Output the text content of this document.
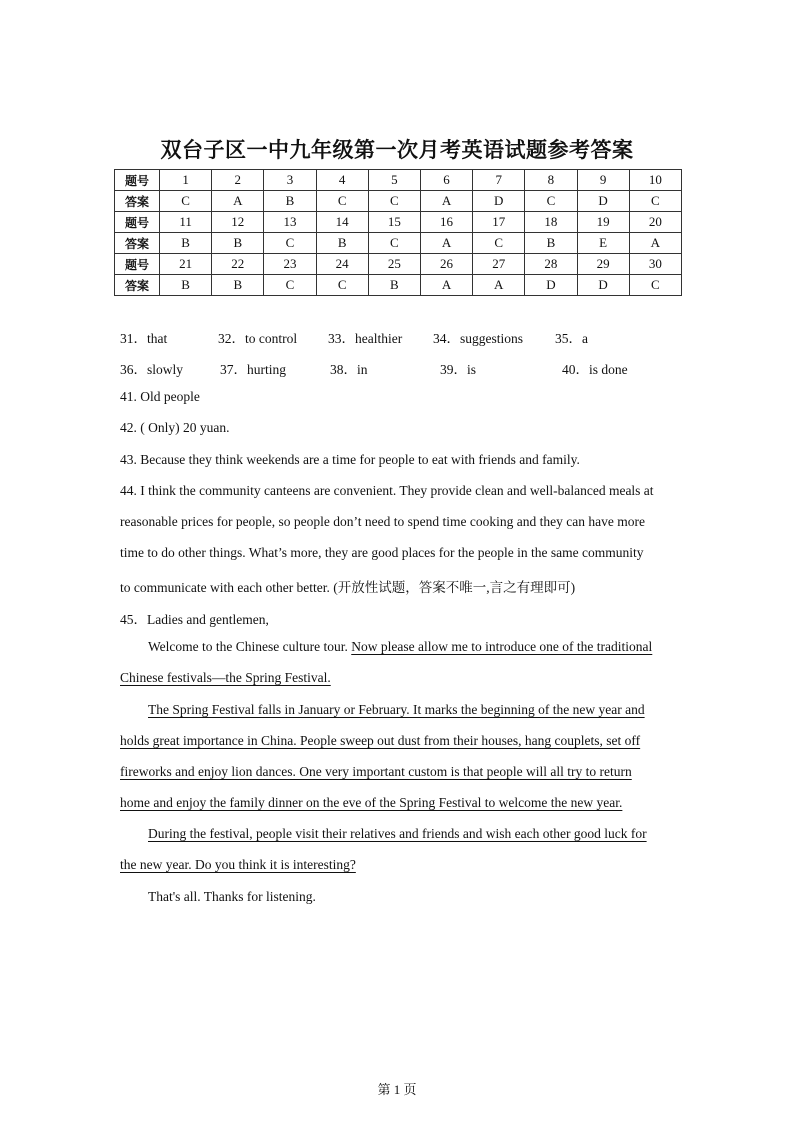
双台子区一中九年级第一次月考英语试题参考答案
题号	1	2	3	4	5	6	7	8	9	10
答案	C	A	B	C	C	A	D	C	D	C
题号	11	12	13	14	15	16	17	18	19	20
答案	B	B	C	B	C	A	C	B	E	A
题号	21	22	23	24	25	26	27	28	29	30
答案	B	B	C	C	B	A	A	D	D	C
31．that	32．to control 33．healthier 34．suggestions 35．a
36．slowly	37．hurting	38．in	39．is	40．is done
41. Old people
42. ( Only) 20 yuan.
43. Because they think weekends are a time for people to eat with friends and family.
44. I think the community canteens are convenient. They provide clean and well-balanced meals at
reasonable prices for people, so people don’t need to spend time cooking and they can have more
time to do other things. What’s more, they are good places for the people in the same community
to communicate with each other better. (开放性试题，答案不唯一,言之有理即可)
45．Ladies and gentlemen,
Welcome to the Chinese culture tour. Now please allow me to introduce one of the traditional
Chinese festivals—the Spring Festival.
The Spring Festival falls in January or February. It marks the beginning of the new year and
holds great importance in China. People sweep out dust from their houses, hang couplets, set off
fireworks and enjoy lion dances. One very important custom is that people will all try to return
home and enjoy the family dinner on the eve of the Spring Festival to welcome the new year.
During the festival, people visit their relatives and friends and wish each other good luck for
the new year. Do you think it is interesting?
That's all. Thanks for listening.
第 1 页
